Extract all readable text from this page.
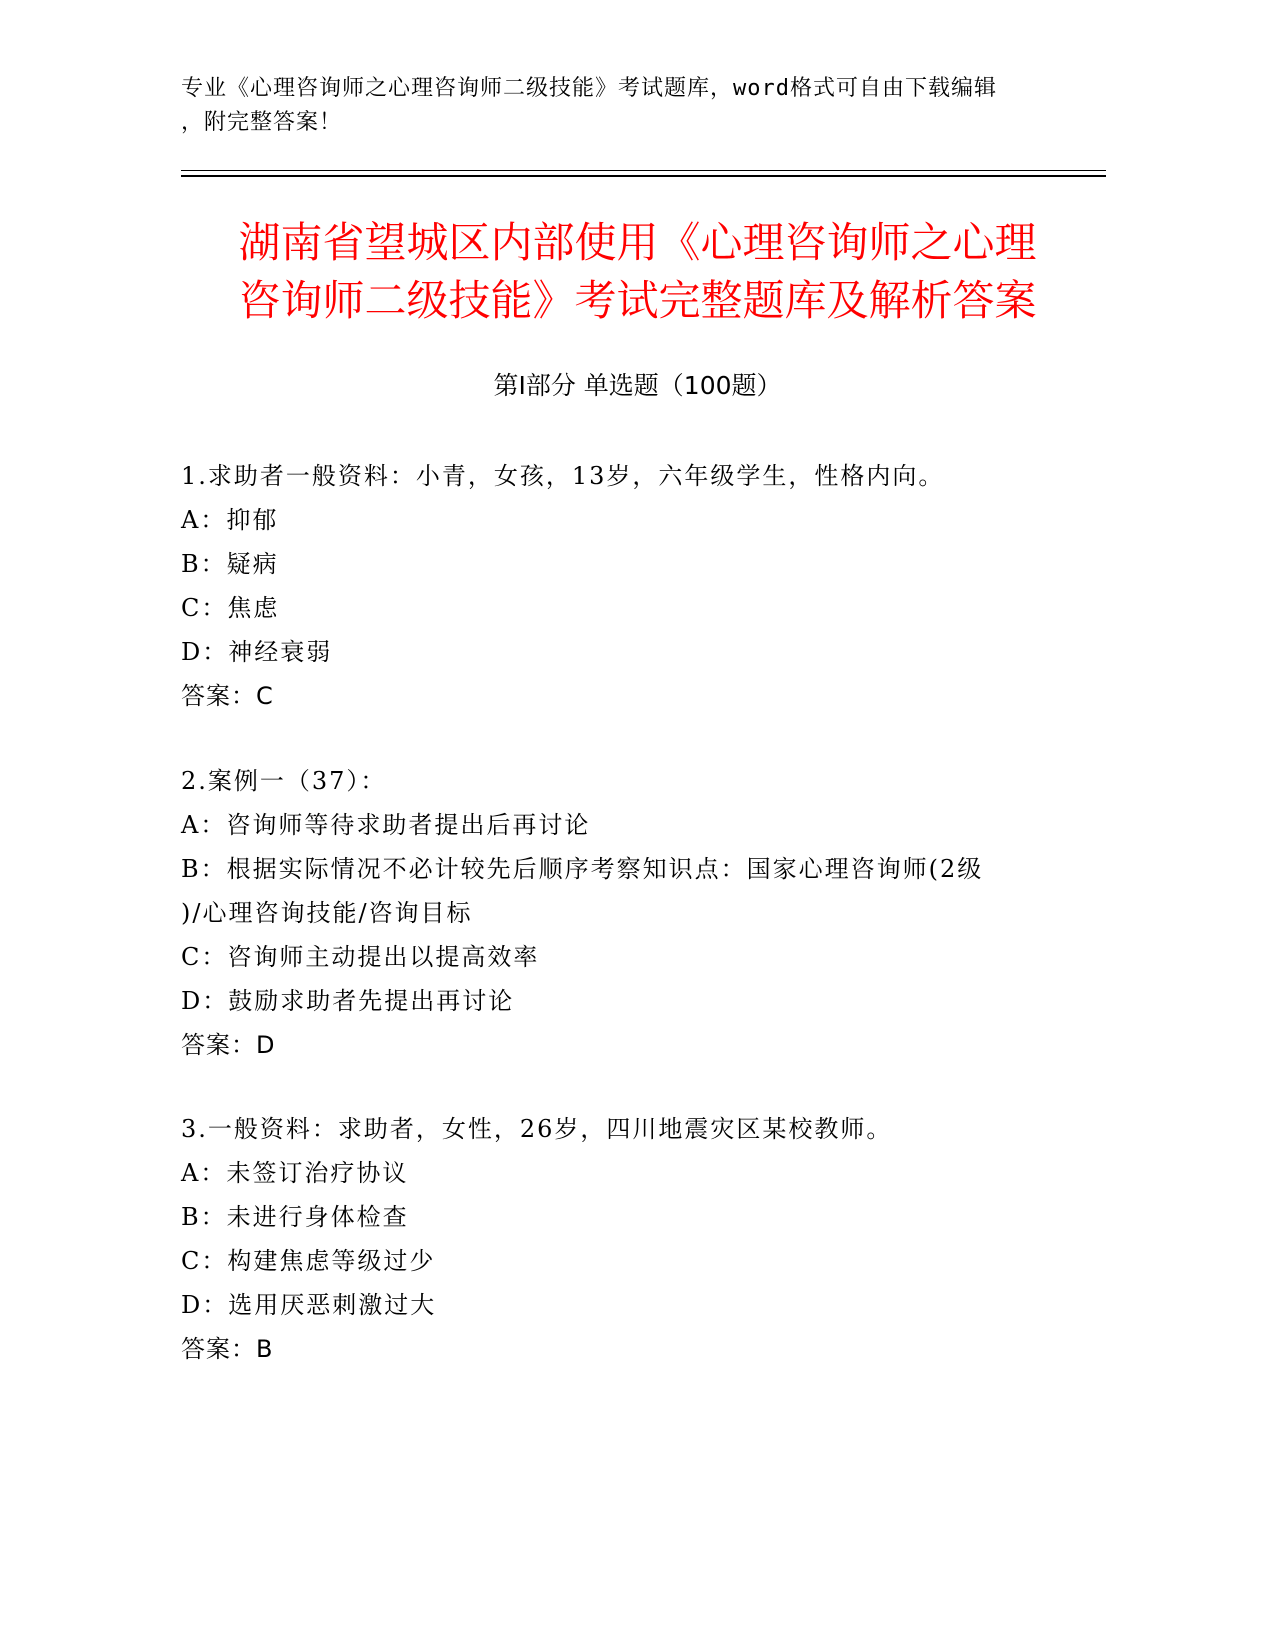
专业《心理咨询师之心理咨询师二级技能》考试题库，word格式可自由下载编辑
，附完整答案！
湖南省望城区内部使用《心理咨询师之心理
咨询师二级技能》考试完整题库及解析答案
第Ⅰ部分 单选题（100题）

1.求助者一般资料：小青，女孩，13岁，六年级学生，性格内向。

A：抑郁

B：疑病

C：焦虑

D：神经衰弱

答案：C

2.案例一（37）：

A：咨询师等待求助者提出后再讨论

B：根据实际情况不必计较先后顺序考察知识点：国家心理咨询师(2级

)/心理咨询技能/咨询目标

C：咨询师主动提出以提高效率

D：鼓励求助者先提出再讨论

答案：D

3.一般资料：求助者，女性，26岁，四川地震灾区某校教师。

A：未签订治疗协议

B：未进行身体检查

C：构建焦虑等级过少

D：选用厌恶刺激过大

答案：B
